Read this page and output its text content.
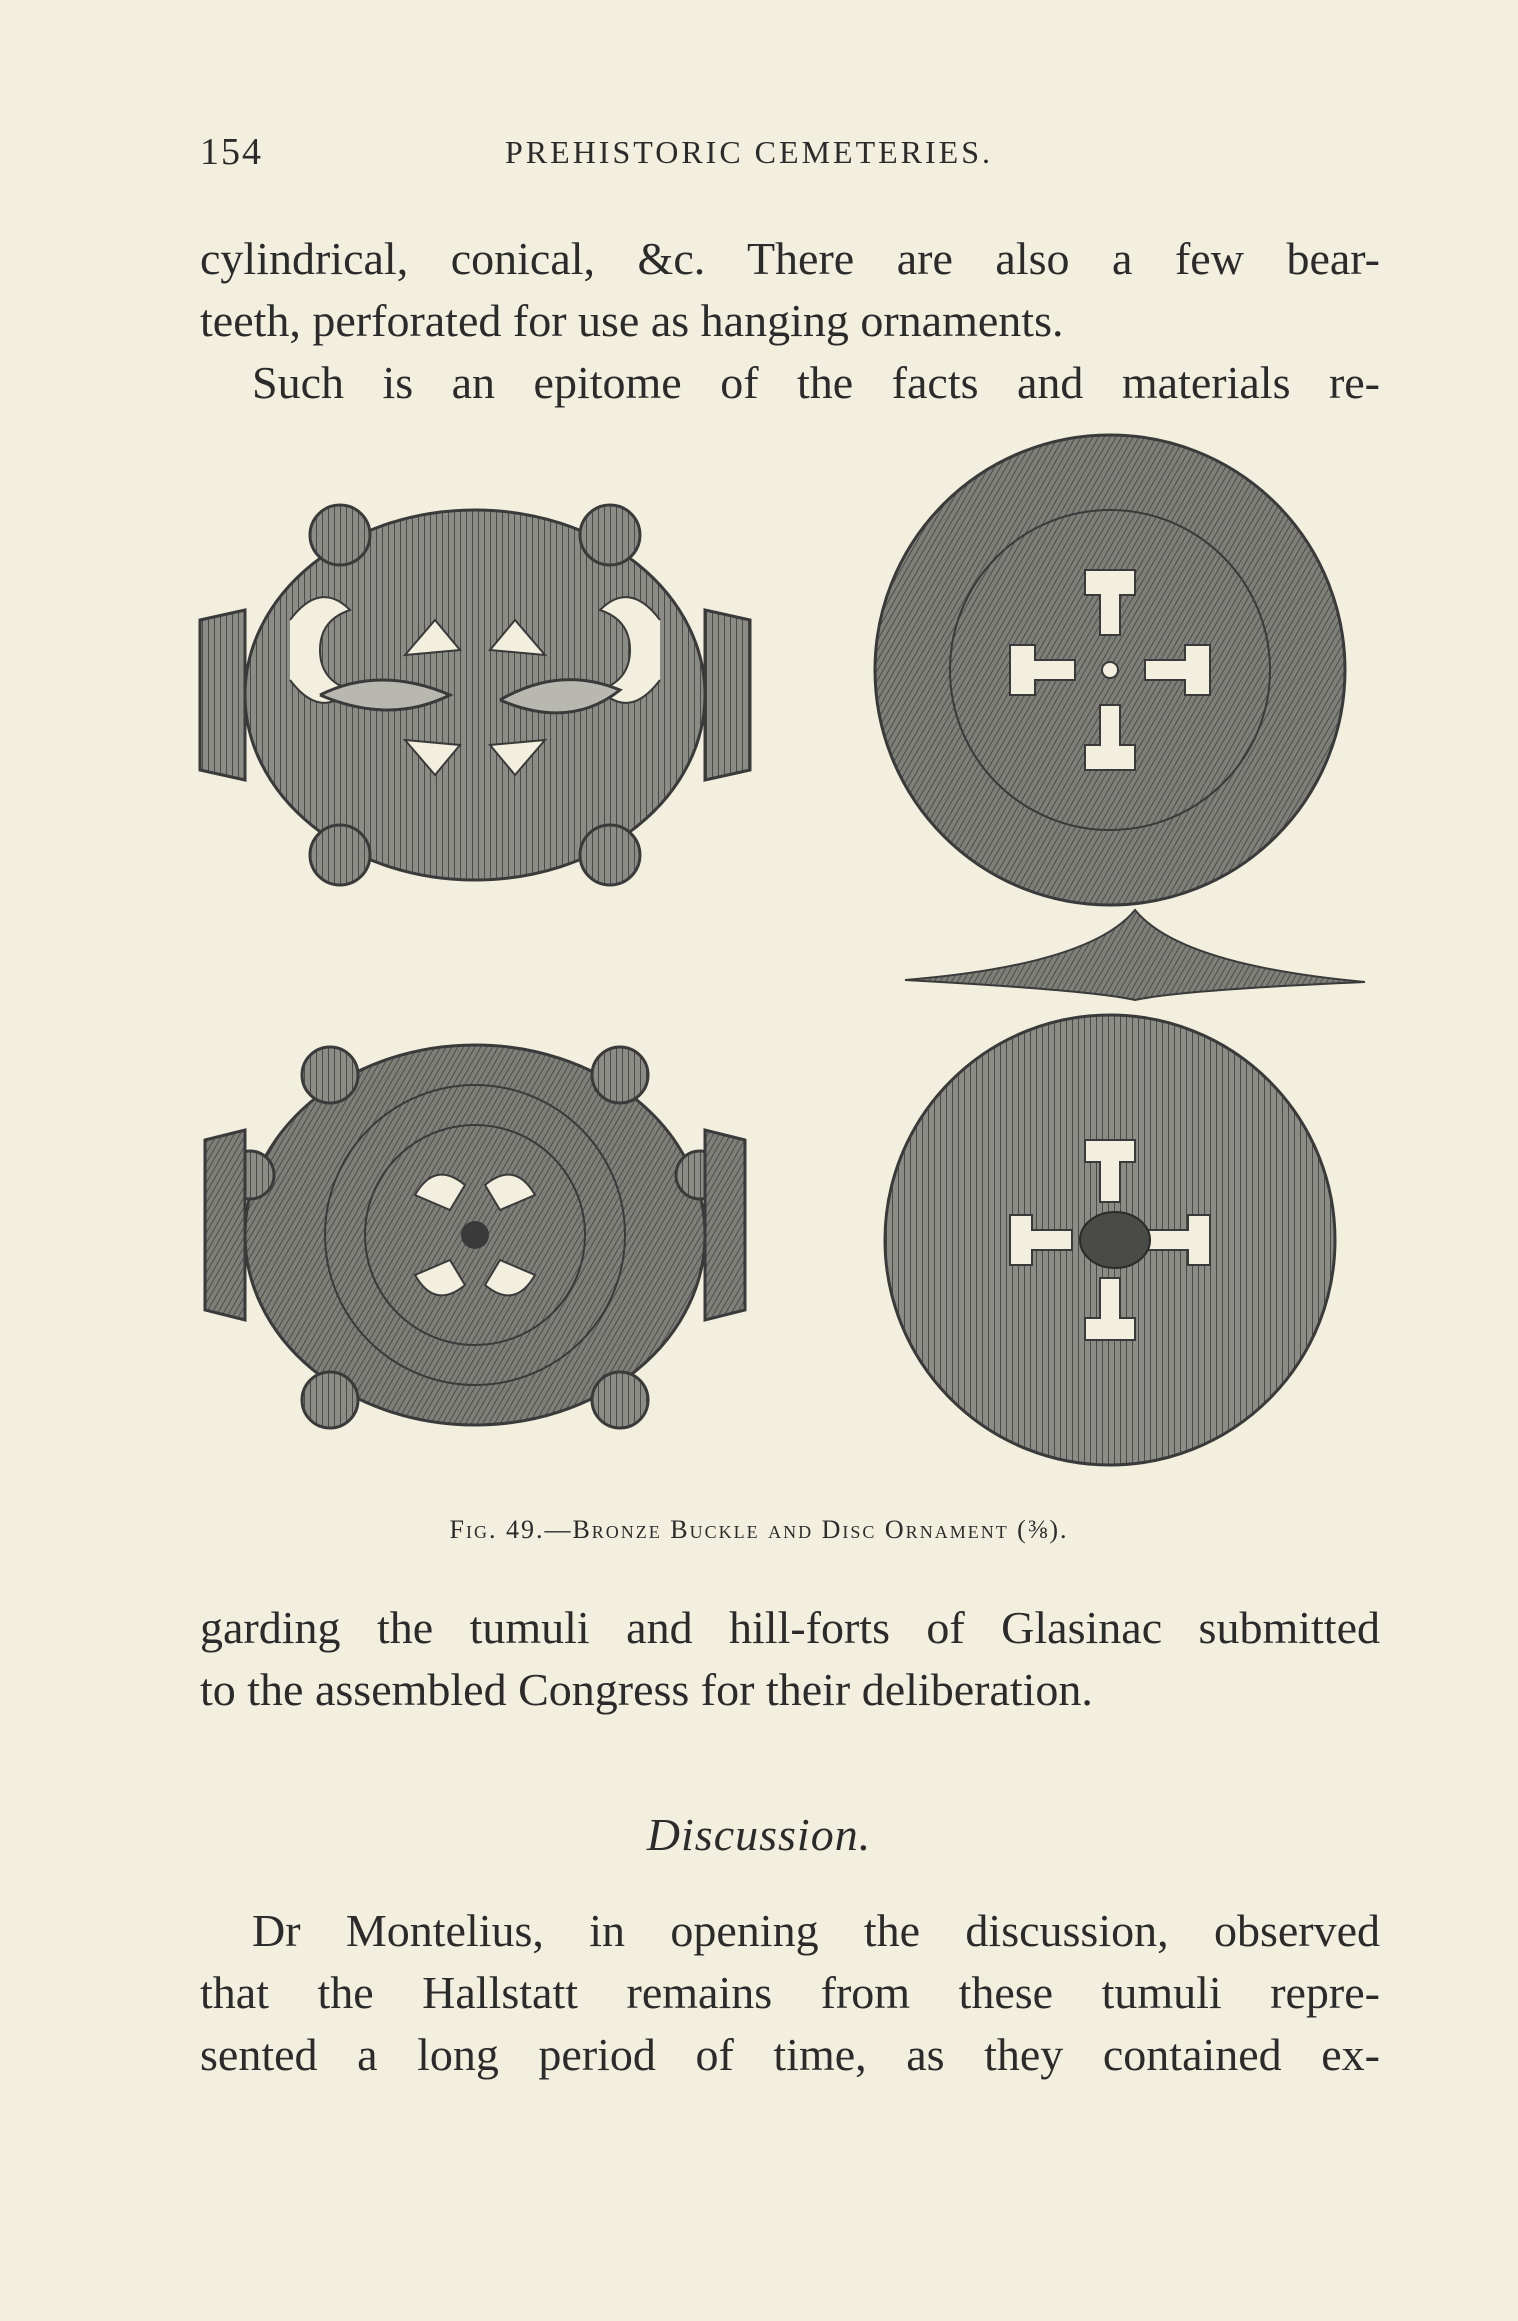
154	PREHISTORIC CEMETERIES.
cylindrical, conical, &c. There are also a few bear-
teeth, perforated for use as hanging ornaments.
Such is an epitome of the facts and materials re-
Fig. 49.—Bronze Buckle and Disc Ornament (⅜).
garding the tumuli and hill-forts of Glasinac submitted
to the assembled Congress for their deliberation.
Discussion.
Dr Montelius, in opening the discussion, observed
that the Hallstatt remains from these tumuli repre-
sented a long period of time, as they contained ex-
